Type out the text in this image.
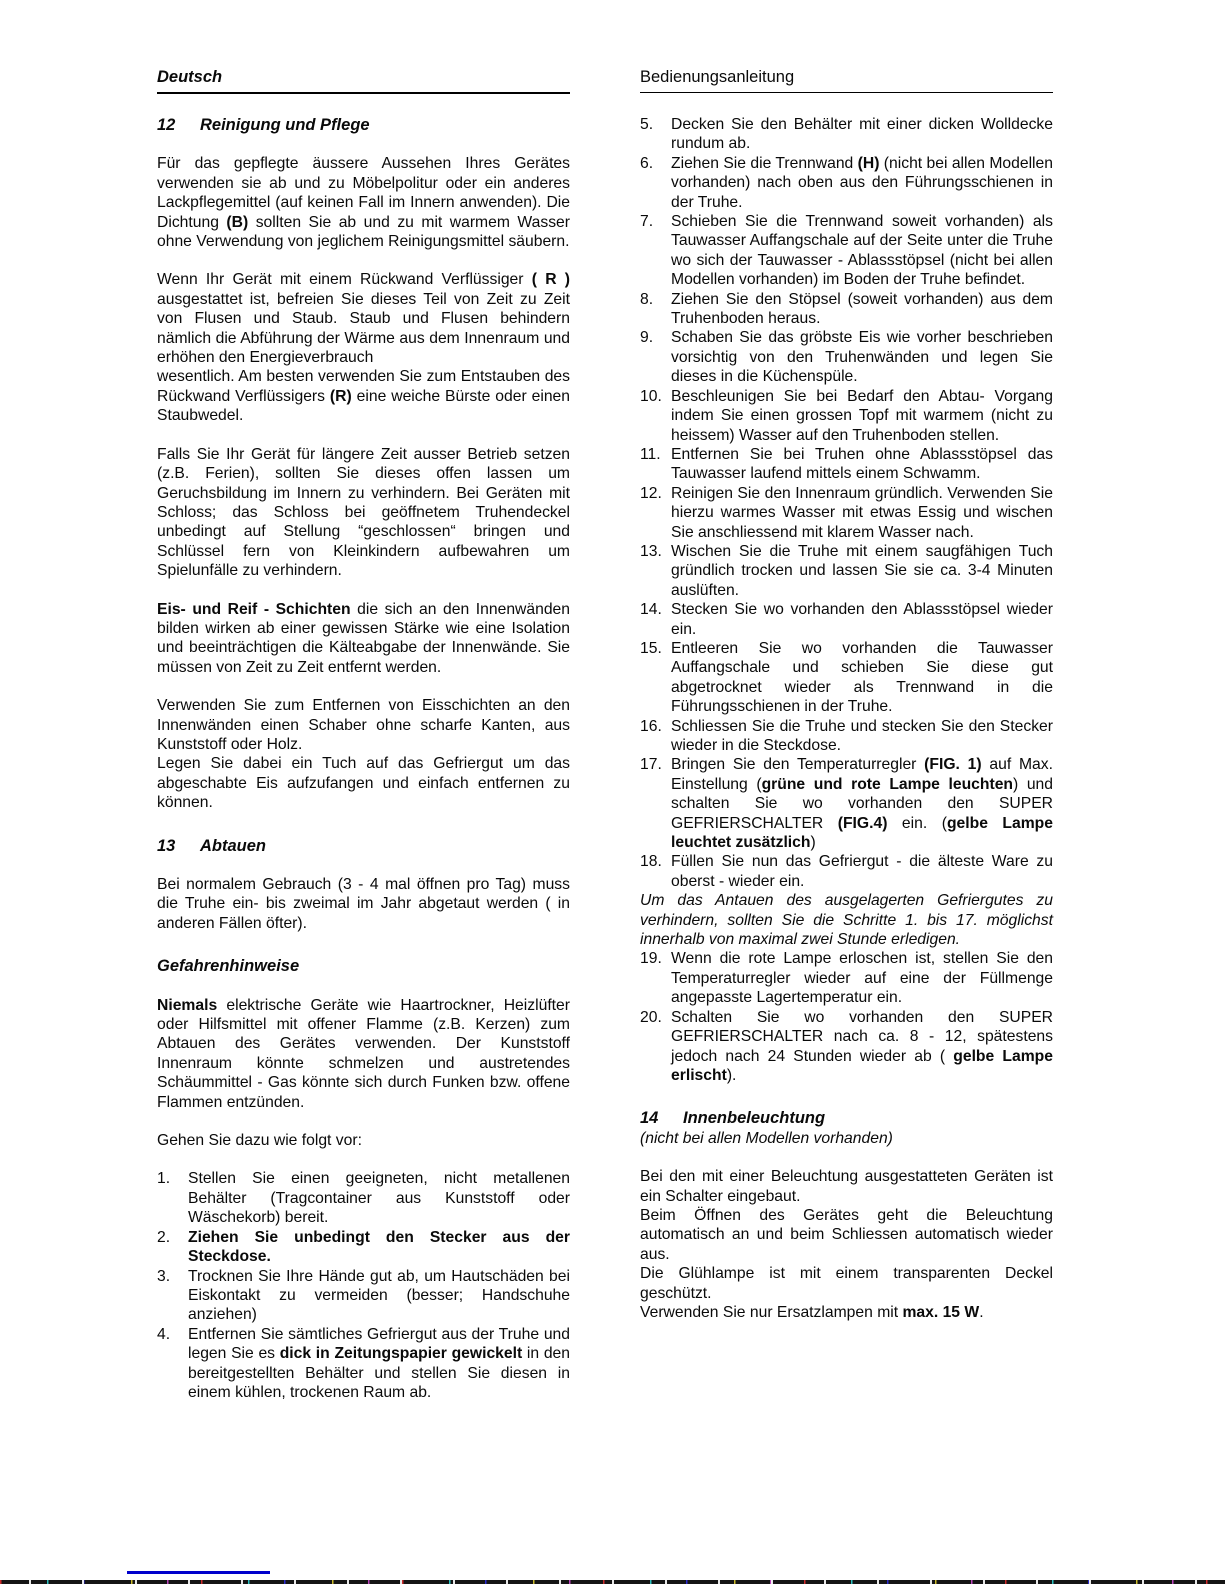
Deutsch
12 Reinigung und Pflege
Für das gepflegte äussere Aussehen Ihres Gerätes verwenden sie ab und zu Möbelpolitur oder ein anderes Lackpflegemittel (auf keinen Fall im Innern anwenden). Die Dichtung (B) sollten Sie ab und zu mit warmem Wasser ohne Verwendung von jeglichem Reinigungsmittel säubern.
Wenn Ihr Gerät mit einem Rückwand Verflüssiger ( R ) ausgestattet ist, befreien Sie dieses Teil von Zeit zu Zeit von Flusen und Staub. Staub und Flusen behindern nämlich die Abführung der Wärme aus dem Innenraum und erhöhen den Energieverbrauch
wesentlich. Am besten verwenden Sie zum Entstauben des Rückwand Verflüssigers (R) eine weiche Bürste oder einen Staubwedel.
Falls Sie Ihr Gerät für längere Zeit ausser Betrieb setzen (z.B. Ferien), sollten Sie dieses offen lassen um Geruchsbildung im Innern zu verhindern. Bei Geräten mit Schloss; das Schloss bei geöffnetem Truhendeckel unbedingt auf Stellung “geschlossen“ bringen und Schlüssel fern von Kleinkindern aufbewahren um Spielunfälle zu verhindern.
Eis- und Reif - Schichten die sich an den Innenwänden bilden wirken ab einer gewissen Stärke wie eine Isolation und beeinträchtigen die Kälteabgabe der Innenwände. Sie müssen von Zeit zu Zeit entfernt werden.
Verwenden Sie zum Entfernen von Eisschichten an den Innenwänden einen Schaber ohne scharfe Kanten, aus Kunststoff oder Holz.
Legen Sie dabei ein Tuch auf das Gefriergut um das abgeschabte Eis aufzufangen und einfach entfernen zu können.
13 Abtauen
Bei normalem Gebrauch (3 - 4 mal öffnen pro Tag) muss die Truhe ein- bis zweimal im Jahr abgetaut werden ( in anderen Fällen öfter).
Gefahrenhinweise
Niemals elektrische Geräte wie Haartrockner, Heizlüfter oder Hilfsmittel mit offener Flamme (z.B. Kerzen) zum Abtauen des Gerätes verwenden. Der Kunststoff Innenraum könnte schmelzen und austretendes Schäummittel - Gas könnte sich durch Funken bzw. offene Flammen entzünden.
Gehen Sie dazu wie folgt vor:
1.	Stellen Sie einen geeigneten, nicht metallenen Behälter (Tragcontainer aus Kunststoff oder Wäschekorb) bereit.
2.	Ziehen Sie unbedingt den Stecker aus der Steckdose.
3.	Trocknen Sie Ihre Hände gut ab, um Hautschäden bei Eiskontakt zu vermeiden (besser; Handschuhe anziehen)
4.	Entfernen Sie sämtliches Gefriergut aus der Truhe und legen Sie es dick in Zeitungspapier gewickelt in den bereitgestellten Behälter und stellen Sie diesen in einem kühlen, trockenen Raum ab.
Bedienungsanleitung
5.	Decken Sie den Behälter mit einer dicken Wolldecke rundum ab.
6.	Ziehen Sie die Trennwand (H) (nicht bei allen Modellen vorhanden) nach oben aus den Führungsschienen in der Truhe.
7.	Schieben Sie die Trennwand soweit vorhanden) als Tauwasser Auffangschale auf der Seite unter die Truhe wo sich der Tauwasser - Ablassstöpsel (nicht bei allen Modellen vorhanden) im Boden der Truhe befindet.
8.	Ziehen Sie den Stöpsel (soweit vorhanden) aus dem Truhenboden heraus.
9.	Schaben Sie das gröbste Eis wie vorher beschrieben vorsichtig von den Truhenwänden und legen Sie dieses in die Küchenspüle.
10. Beschleunigen Sie bei Bedarf den Abtau- Vorgang indem Sie einen grossen Topf mit warmem (nicht zu heissem) Wasser auf den Truhenboden stellen.
11. Entfernen Sie bei Truhen ohne Ablassstöpsel das Tauwasser laufend mittels einem Schwamm.
12. Reinigen Sie den Innenraum gründlich. Verwenden Sie hierzu warmes Wasser mit etwas Essig und wischen Sie anschliessend mit klarem Wasser nach.
13. Wischen Sie die Truhe mit einem saugfähigen Tuch gründlich trocken und lassen Sie sie ca. 3-4 Minuten auslüften.
14. Stecken Sie wo vorhanden den Ablassstöpsel wieder ein.
15. Entleeren Sie wo vorhanden die Tauwasser Auffangschale und schieben Sie diese gut abgetrocknet wieder als Trennwand in die Führungsschienen in der Truhe.
16. Schliessen Sie die Truhe und stecken Sie den Stecker wieder in die Steckdose.
17. Bringen Sie den Temperaturregler (FIG. 1) auf Max. Einstellung (grüne und rote Lampe leuchten) und schalten Sie wo vorhanden den SUPER GEFRIERSCHALTER (FIG.4) ein. (gelbe Lampe leuchtet zusätzlich)
18. Füllen Sie nun das Gefriergut - die älteste Ware zu oberst - wieder ein.
Um das Antauen des ausgelagerten Gefriergutes zu verhindern, sollten Sie die Schritte 1. bis 17. möglichst innerhalb von maximal zwei Stunde erledigen.
19. Wenn die rote Lampe erloschen ist, stellen Sie den Temperaturregler wieder auf eine der Füllmenge angepasste Lagertemperatur ein.
20. Schalten Sie wo vorhanden den SUPER GEFRIERSCHALTER nach ca. 8 - 12, spätestens jedoch nach 24 Stunden wieder ab ( gelbe Lampe erlischt).
14 Innenbeleuchtung
(nicht bei allen Modellen vorhanden)
Bei den mit einer Beleuchtung ausgestatteten Geräten ist ein Schalter eingebaut.
Beim Öffnen des Gerätes geht die Beleuchtung automatisch an und beim Schliessen automatisch wieder aus.
Die Glühlampe ist mit einem transparenten Deckel geschützt.
Verwenden Sie nur Ersatzlampen mit max. 15 W.
